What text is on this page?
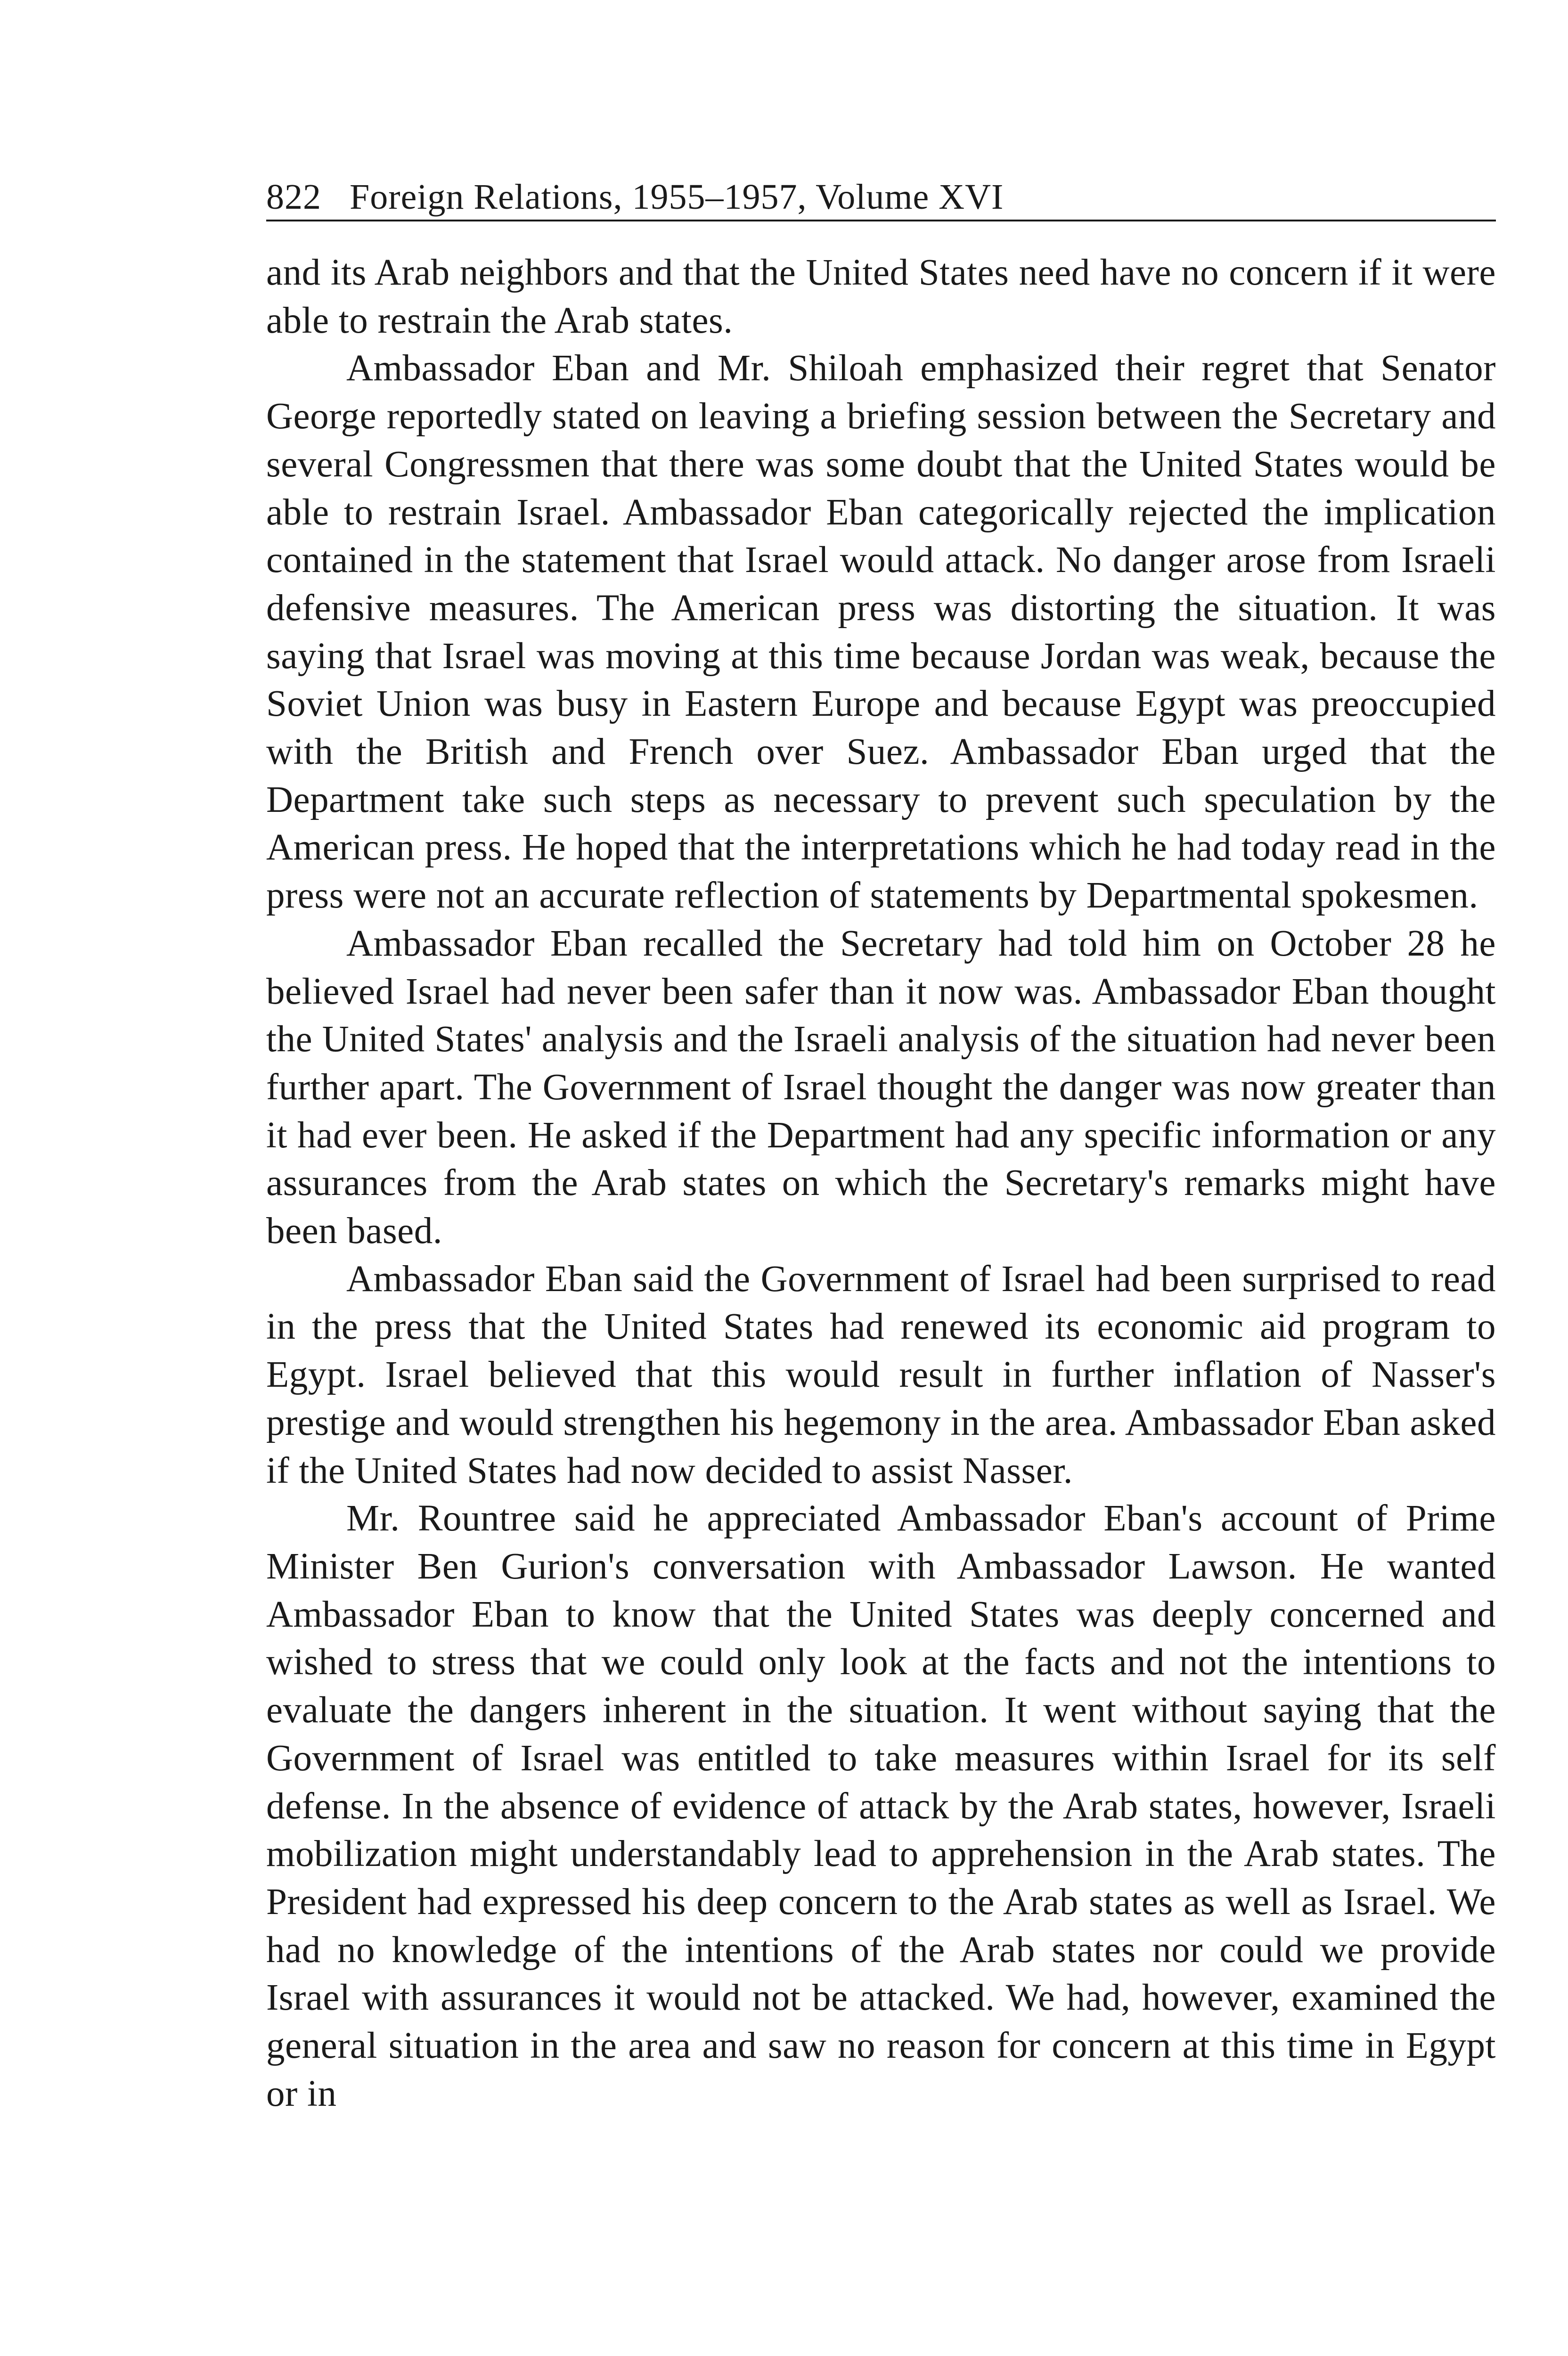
822 Foreign Relations, 1955–1957, Volume XVI

and its Arab neighbors and that the United States need have no concern if it were able to restrain the Arab states.

Ambassador Eban and Mr. Shiloah emphasized their regret that Senator George reportedly stated on leaving a briefing session between the Secretary and several Congressmen that there was some doubt that the United States would be able to restrain Israel. Ambassador Eban categorically rejected the implication contained in the statement that Israel would attack. No danger arose from Israeli defensive measures. The American press was distorting the situation. It was saying that Israel was moving at this time because Jordan was weak, because the Soviet Union was busy in Eastern Europe and because Egypt was preoccupied with the British and French over Suez. Ambassador Eban urged that the Department take such steps as necessary to prevent such speculation by the American press. He hoped that the interpretations which he had today read in the press were not an accurate reflection of statements by Departmental spokesmen.

Ambassador Eban recalled the Secretary had told him on October 28 he believed Israel had never been safer than it now was. Ambassador Eban thought the United States' analysis and the Israeli analysis of the situation had never been further apart. The Government of Israel thought the danger was now greater than it had ever been. He asked if the Department had any specific information or any assurances from the Arab states on which the Secretary's remarks might have been based.

Ambassador Eban said the Government of Israel had been surprised to read in the press that the United States had renewed its economic aid program to Egypt. Israel believed that this would result in further inflation of Nasser's prestige and would strengthen his hegemony in the area. Ambassador Eban asked if the United States had now decided to assist Nasser.

Mr. Rountree said he appreciated Ambassador Eban's account of Prime Minister Ben Gurion's conversation with Ambassador Lawson. He wanted Ambassador Eban to know that the United States was deeply concerned and wished to stress that we could only look at the facts and not the intentions to evaluate the dangers inherent in the situation. It went without saying that the Government of Israel was entitled to take measures within Israel for its self defense. In the absence of evidence of attack by the Arab states, however, Israeli mobilization might understandably lead to apprehension in the Arab states. The President had expressed his deep concern to the Arab states as well as Israel. We had no knowledge of the intentions of the Arab states nor could we provide Israel with assurances it would not be attacked. We had, however, examined the general situation in the area and saw no reason for concern at this time in Egypt or in
